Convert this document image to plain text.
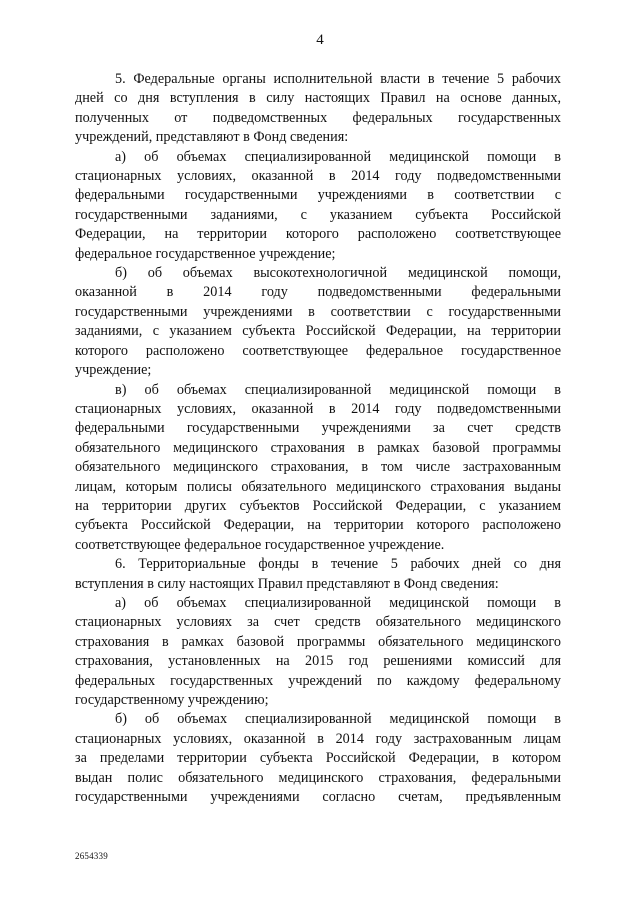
4
5. Федеральные органы исполнительной власти в течение 5 рабочих
дней со дня вступления в силу настоящих Правил на основе данных,
полученных от подведомственных федеральных государственных
учреждений, представляют в Фонд сведения:
а) об объемах специализированной медицинской помощи в
стационарных условиях, оказанной в 2014 году подведомственными
федеральными государственными учреждениями в соответствии с
государственными заданиями, с указанием субъекта Российской
Федерации, на территории которого расположено соответствующее
федеральное государственное учреждение;
б) об объемах высокотехнологичной медицинской помощи,
оказанной в 2014 году подведомственными федеральными
государственными учреждениями в соответствии с государственными
заданиями, с указанием субъекта Российской Федерации, на территории
которого расположено соответствующее федеральное государственное
учреждение;
в) об объемах специализированной медицинской помощи в
стационарных условиях, оказанной в 2014 году подведомственными
федеральными государственными учреждениями за счет средств
обязательного медицинского страхования в рамках базовой программы
обязательного медицинского страхования, в том числе застрахованным
лицам, которым полисы обязательного медицинского страхования выданы
на территории других субъектов Российской Федерации, с указанием
субъекта Российской Федерации, на территории которого расположено
соответствующее федеральное государственное учреждение.
6. Территориальные фонды в течение 5 рабочих дней со дня
вступления в силу настоящих Правил представляют в Фонд сведения:
а) об объемах специализированной медицинской помощи в
стационарных условиях за счет средств обязательного медицинского
страхования в рамках базовой программы обязательного медицинского
страхования, установленных на 2015 год решениями комиссий для
федеральных государственных учреждений по каждому федеральному
государственному учреждению;
б) об объемах специализированной медицинской помощи в
стационарных условиях, оказанной в 2014 году застрахованным лицам
за пределами территории субъекта Российской Федерации, в котором
выдан полис обязательного медицинского страхования, федеральными
государственными учреждениями согласно счетам, предъявленным
2654339
